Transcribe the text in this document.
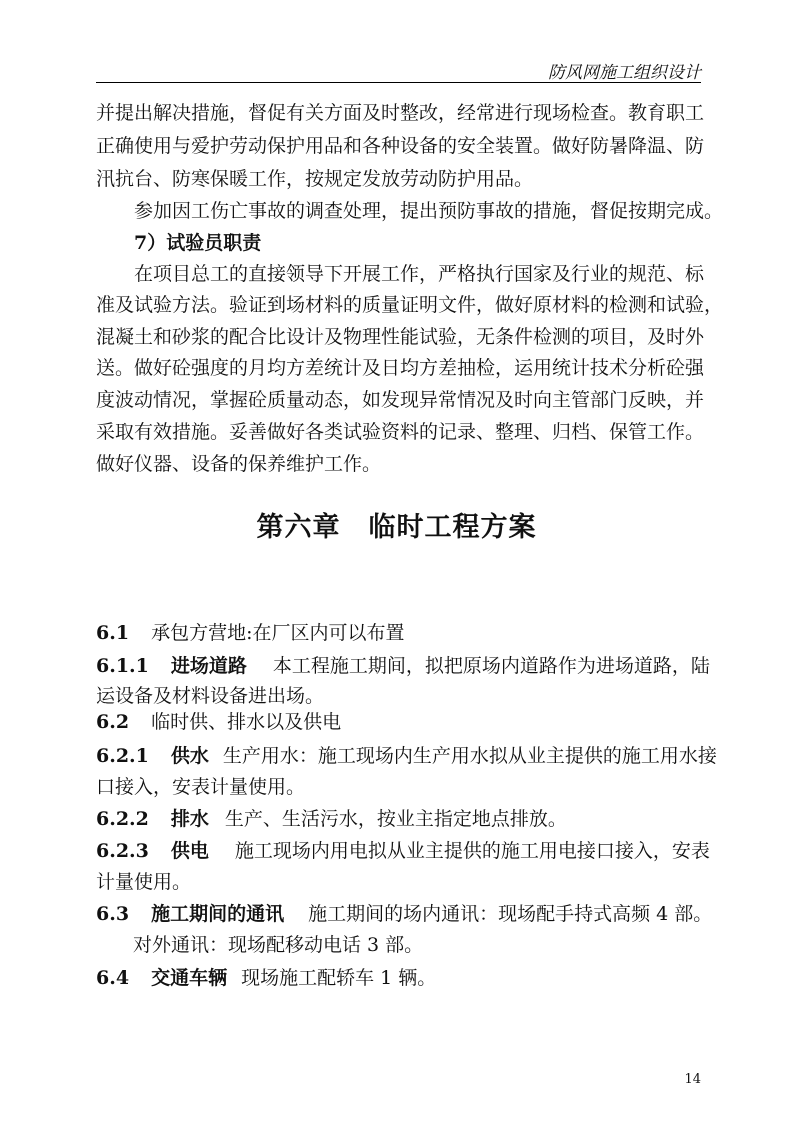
防风网施工组织设计
并提出解决措施，督促有关方面及时整改，经常进行现场检查。教育职工
正确使用与爱护劳动保护用品和各种设备的安全装置。做好防暑降温、防
汛抗台、防寒保暖工作，按规定发放劳动防护用品。
参加因工伤亡事故的调查处理，提出预防事故的措施，督促按期完成。
7）试验员职责
在项目总工的直接领导下开展工作，严格执行国家及行业的规范、标
准及试验方法。验证到场材料的质量证明文件，做好原材料的检测和试验，
混凝土和砂浆的配合比设计及物理性能试验，无条件检测的项目，及时外
送。做好砼强度的月均方差统计及日均方差抽检，运用统计技术分析砼强
度波动情况，掌握砼质量动态，如发现异常情况及时向主管部门反映，并
采取有效措施。妥善做好各类试验资料的记录、整理、归档、保管工作。
做好仪器、设备的保养维护工作。
第六章 临时工程方案
6.1 承包方营地:在厂区内可以布置
6.1.1 进场道路 本工程施工期间，拟把原场内道路作为进场道路，陆
运设备及材料设备进出场。
6.2 临时供、排水以及供电
6.2.1 供水 生产用水：施工现场内生产用水拟从业主提供的施工用水接
口接入，安表计量使用。
6.2.2 排水 生产、生活污水，按业主指定地点排放。
6.2.3 供电 施工现场内用电拟从业主提供的施工用电接口接入，安表
计量使用。
6.3 施工期间的通讯 施工期间的场内通讯：现场配手持式高频 4 部。
对外通讯：现场配移动电话 3 部。
6.4 交通车辆 现场施工配轿车 1 辆。
14
